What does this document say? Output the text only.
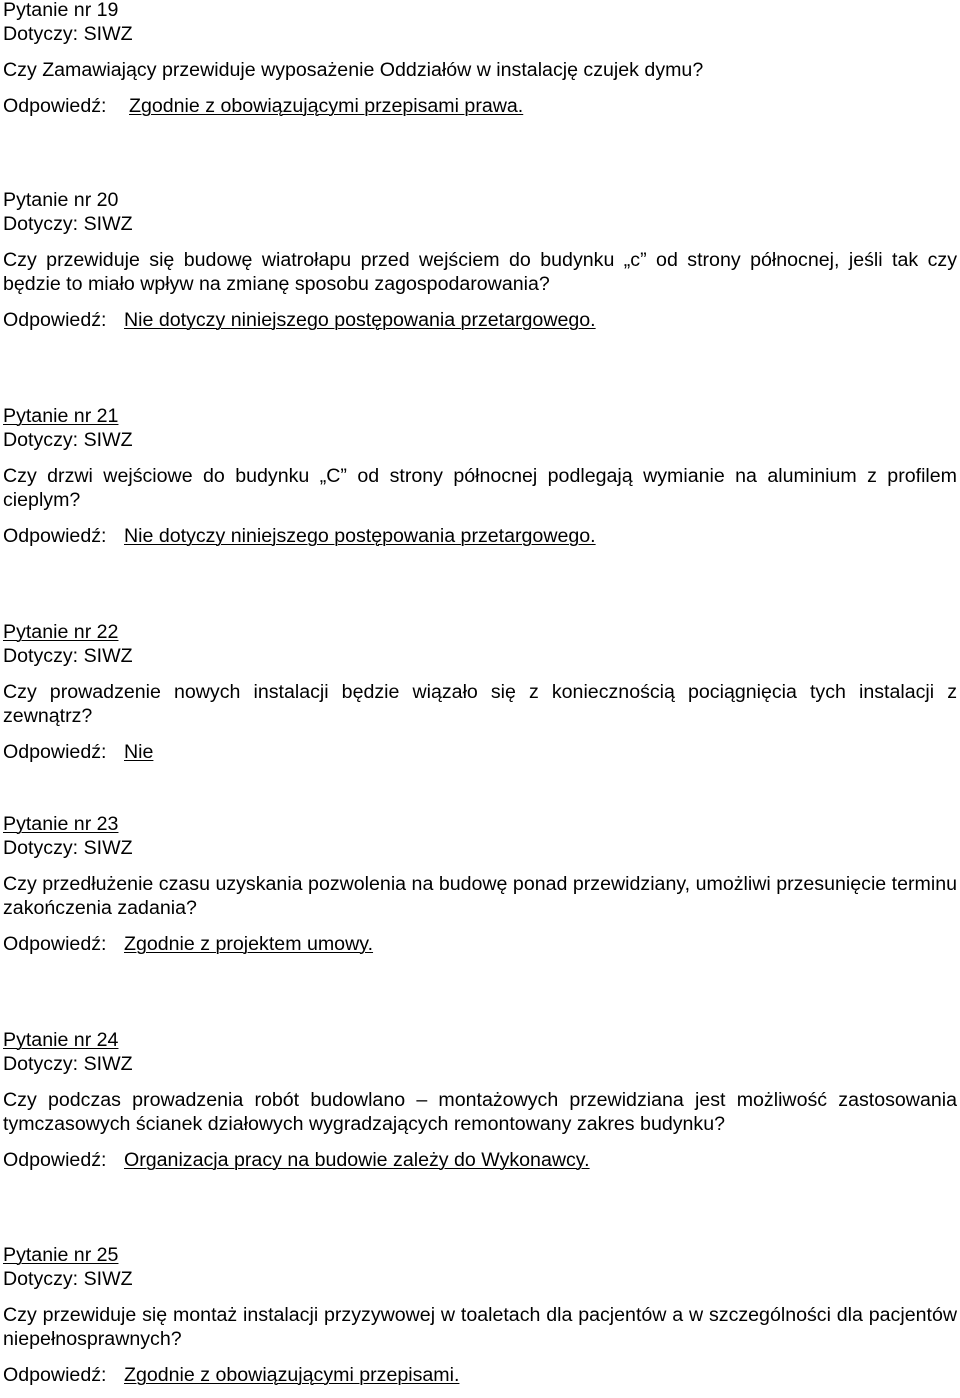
Pytanie nr 19
Dotyczy: SIWZ
Czy Zamawiający przewiduje wyposażenie Oddziałów w instalację czujek dymu?
Odpowiedź: Zgodnie z obowiązującymi przepisami prawa.
Pytanie nr 20
Dotyczy: SIWZ
Czy przewiduje się budowę wiatrołapu przed wejściem do budynku „c” od strony północnej, jeśli tak czy będzie to miało wpływ na zmianę sposobu zagospodarowania?
Odpowiedź: Nie dotyczy niniejszego postępowania przetargowego.
Pytanie nr 21
Dotyczy: SIWZ
Czy drzwi wejściowe do budynku „C” od strony północnej podlegają wymianie na aluminium z profilem cieplym?
Odpowiedź: Nie dotyczy niniejszego postępowania przetargowego.
Pytanie nr 22
Dotyczy: SIWZ
Czy prowadzenie nowych instalacji będzie wiązało się z koniecznością pociągnięcia tych instalacji z zewnątrz?
Odpowiedź: Nie
Pytanie nr 23
Dotyczy: SIWZ
Czy przedłużenie czasu uzyskania pozwolenia na budowę ponad przewidziany, umożliwi przesunięcie terminu zakończenia zadania?
Odpowiedź: Zgodnie z projektem umowy.
Pytanie nr 24
Dotyczy: SIWZ
Czy podczas prowadzenia robót budowlano – montażowych przewidziana jest możliwość zastosowania tymczasowych ścianek działowych wygradzających remontowany zakres budynku?
Odpowiedź: Organizacja pracy na budowie zależy do Wykonawcy.
Pytanie nr 25
Dotyczy: SIWZ
Czy przewiduje się montaż instalacji przyzywowej w toaletach dla pacjentów a w szczególności dla pacjentów niepełnosprawnych?
Odpowiedź: Zgodnie z obowiązującymi przepisami.
